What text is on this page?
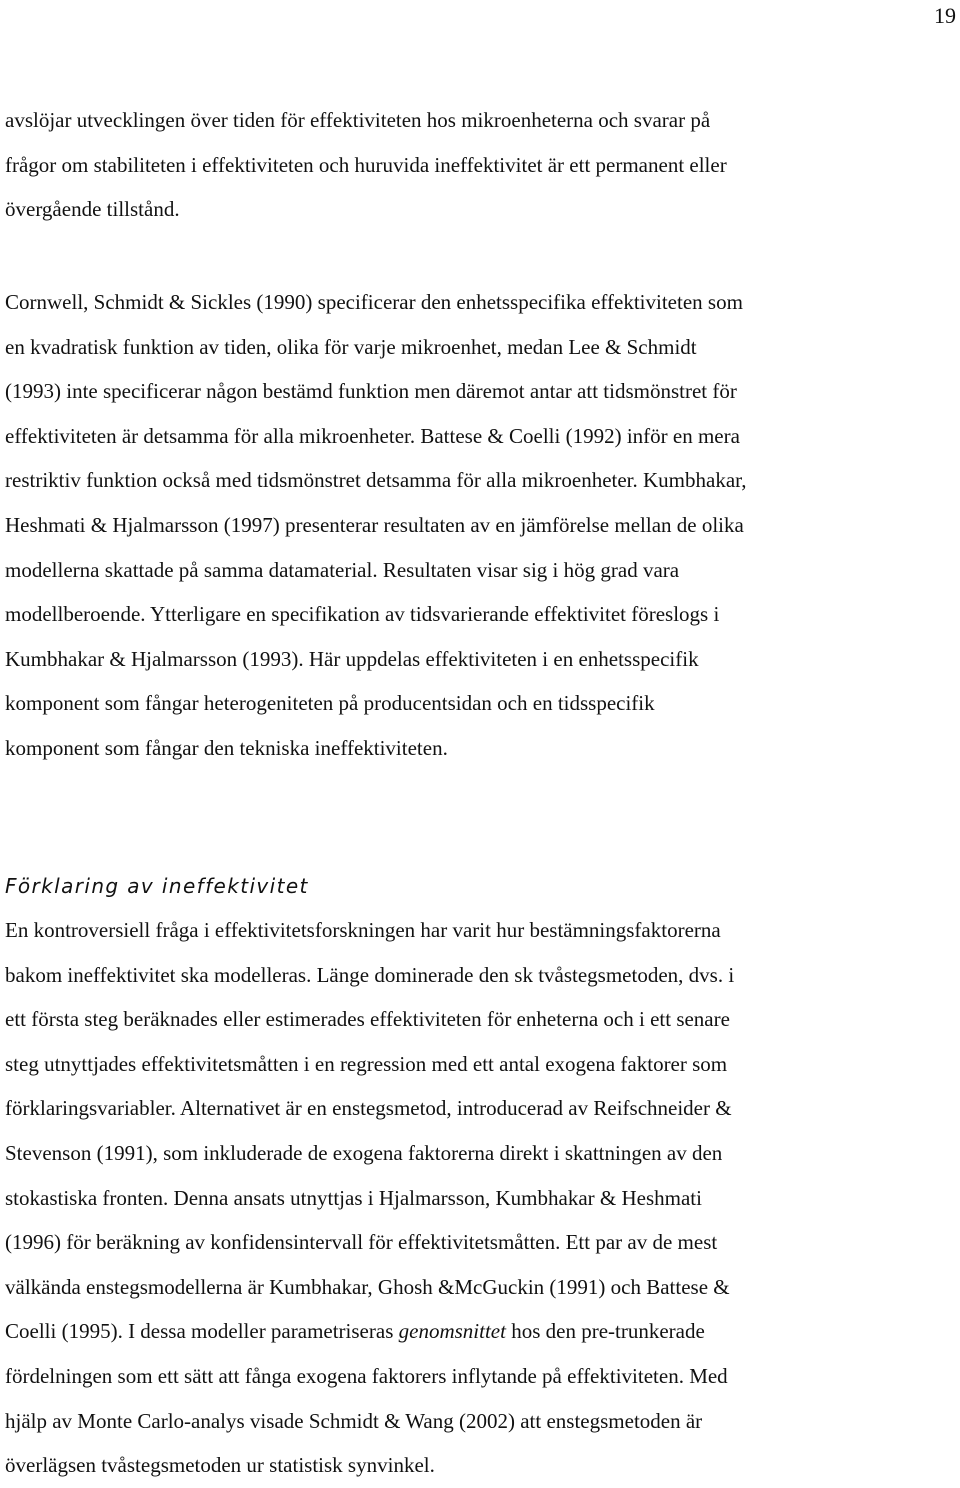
19

avslöjar utvecklingen över tiden för effektiviteten hos mikroenheterna och svarar på
frågor om stabiliteten i effektiviteten och huruvida ineffektivitet är ett permanent eller
övergående tillstånd.

Cornwell, Schmidt & Sickles (1990) specificerar den enhetsspecifika effektiviteten som
en kvadratisk funktion av tiden, olika för varje mikroenhet, medan Lee & Schmidt
(1993) inte specificerar någon bestämd funktion men däremot antar att tidsmönstret för
effektiviteten är detsamma för alla mikroenheter. Battese & Coelli (1992) inför en mera
restriktiv funktion också med tidsmönstret detsamma för alla mikroenheter. Kumbhakar,
Heshmati & Hjalmarsson (1997) presenterar resultaten av en jämförelse mellan de olika
modellerna skattade på samma datamaterial. Resultaten visar sig i hög grad vara
modellberoende. Ytterligare en specifikation av tidsvarierande effektivitet föreslogs i
Kumbhakar & Hjalmarsson (1993). Här uppdelas effektiviteten i en enhetsspecifik
komponent som fångar heterogeniteten på producentsidan och en tidsspecifik
komponent som fångar den tekniska ineffektiviteten.

Förklaring av ineffektivitet

En kontroversiell fråga i effektivitetsforskningen har varit hur bestämningsfaktorerna
bakom ineffektivitet ska modelleras. Länge dominerade den sk tvåstegsmetoden, dvs. i
ett första steg beräknades eller estimerades effektiviteten för enheterna och i ett senare
steg utnyttjades effektivitetsmåtten i en regression med ett antal exogena faktorer som
förklaringsvariabler. Alternativet är en enstegsmetod, introducerad av Reifschneider &
Stevenson (1991), som inkluderade de exogena faktorerna direkt i skattningen av den
stokastiska fronten. Denna ansats utnyttjas i Hjalmarsson, Kumbhakar & Heshmati
(1996) för beräkning av konfidensintervall för effektivitetsmåtten. Ett par av de mest
välkända enstegsmodellerna är Kumbhakar, Ghosh &McGuckin (1991) och Battese &
Coelli (1995). I dessa modeller parametriseras genomsnittet hos den pre-trunkerade
fördelningen som ett sätt att fånga exogena faktorers inflytande på effektiviteten. Med
hjälp av Monte Carlo-analys visade Schmidt & Wang (2002) att enstegsmetoden är
överlägsen tvåstegsmetoden ur statistisk synvinkel.
